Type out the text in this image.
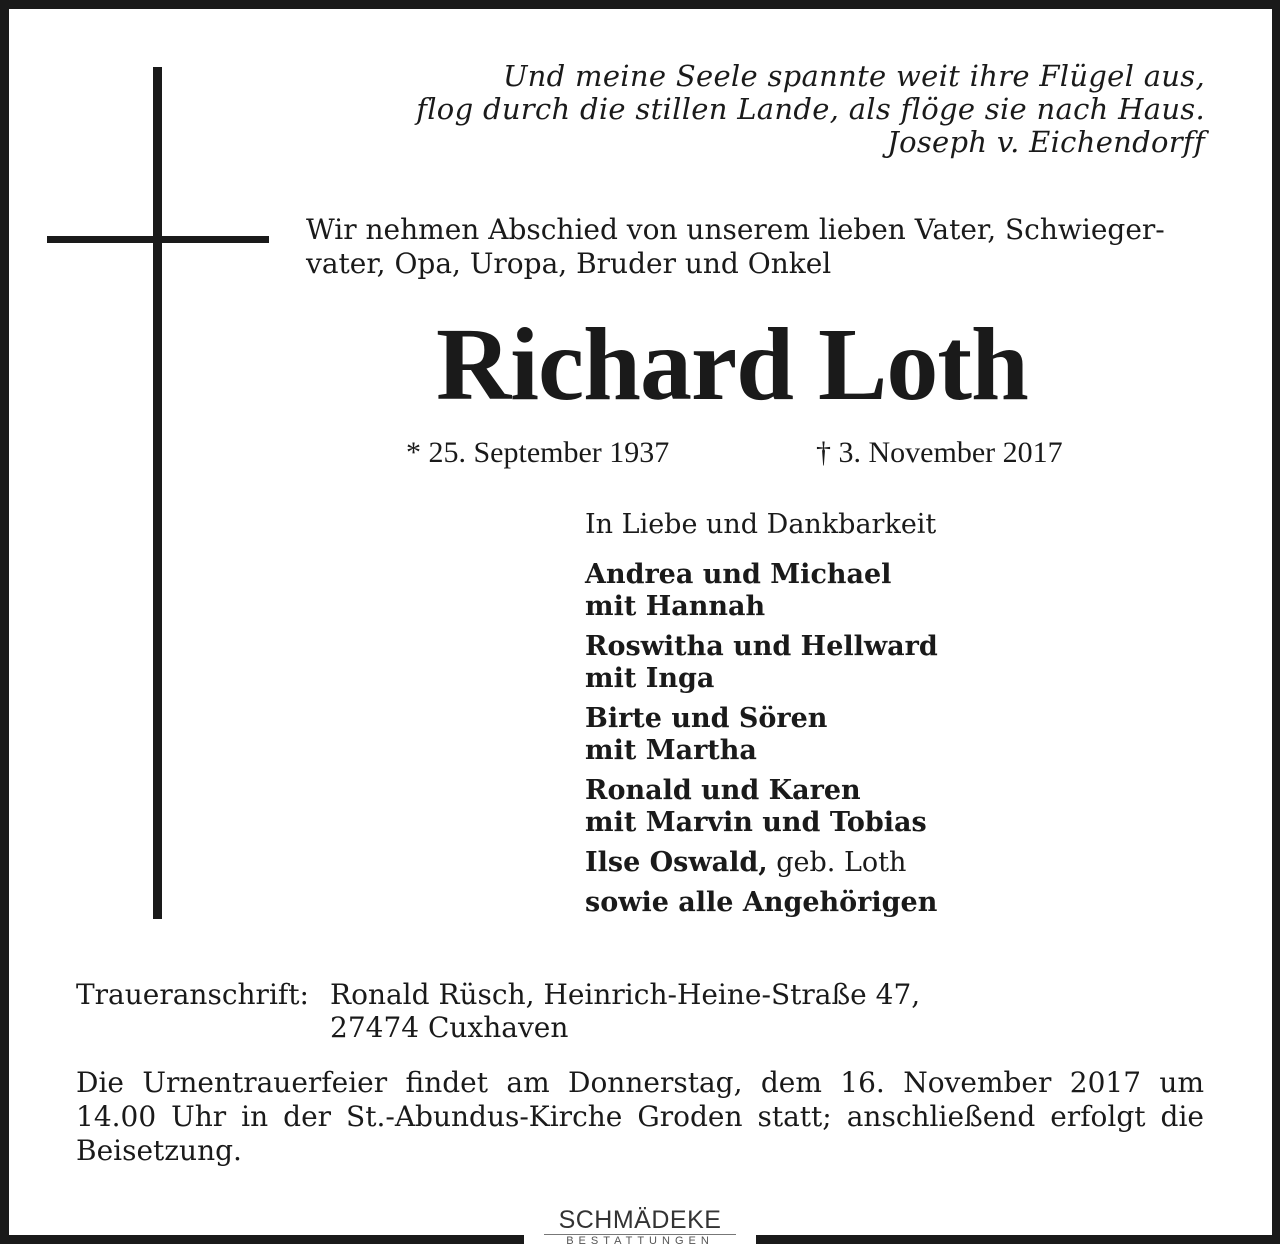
Und meine Seele spannte weit ihre Flügel aus,
flog durch die stillen Lande, als flöge sie nach Haus.
Joseph v. Eichendorff
Wir nehmen Abschied von unserem lieben Vater, Schwieger-
vater, Opa, Uropa, Bruder und Onkel
Richard Loth
* 25. September 1937	† 3. November 2017
In Liebe und Dankbarkeit
Andrea und Michael
mit Hannah
Roswitha und Hellward
mit Inga
Birte und Sören
mit Martha
Ronald und Karen
mit Marvin und Tobias
Ilse Oswald, geb. Loth
sowie alle Angehörigen
Traueranschrift: Ronald Rüsch, Heinrich-Heine-Straße 47,
27474 Cuxhaven
Die Urnentrauerfeier findet am Donnerstag, dem 16. November 2017 um 14.00 Uhr in der St.-Abundus-Kirche Groden statt; anschließend erfolgt die Beisetzung.
SCHMÄDEKE
BESTATTUNGEN
